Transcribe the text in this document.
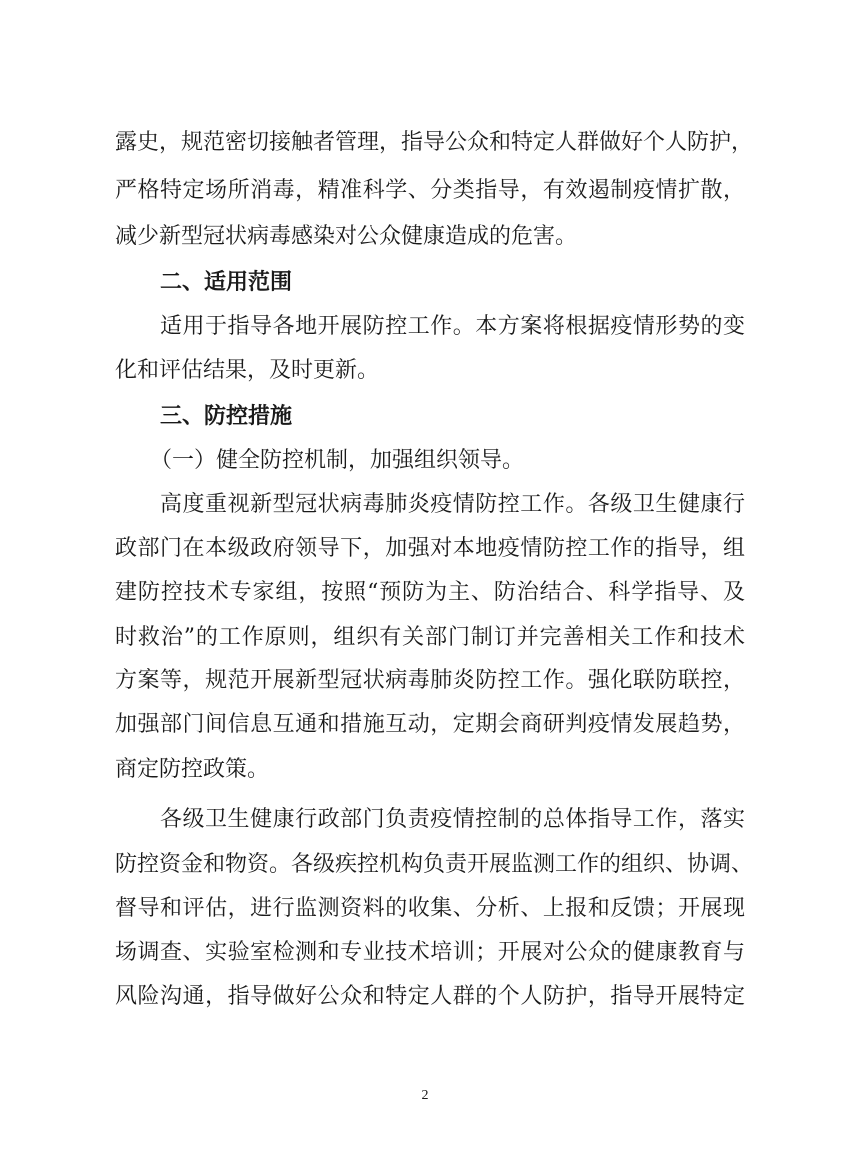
露史，规范密切接触者管理，指导公众和特定人群做好个人防护，
严格特定场所消毒，精准科学、分类指导，有效遏制疫情扩散，
减少新型冠状病毒感染对公众健康造成的危害。
二、适用范围
适用于指导各地开展防控工作。本方案将根据疫情形势的变
化和评估结果，及时更新。
三、防控措施
（一）健全防控机制，加强组织领导。
高度重视新型冠状病毒肺炎疫情防控工作。各级卫生健康行
政部门在本级政府领导下，加强对本地疫情防控工作的指导，组
建防控技术专家组，按照“预防为主、防治结合、科学指导、及
时救治”的工作原则，组织有关部门制订并完善相关工作和技术
方案等，规范开展新型冠状病毒肺炎防控工作。强化联防联控，
加强部门间信息互通和措施互动，定期会商研判疫情发展趋势，
商定防控政策。
各级卫生健康行政部门负责疫情控制的总体指导工作，落实
防控资金和物资。各级疾控机构负责开展监测工作的组织、协调、
督导和评估，进行监测资料的收集、分析、上报和反馈；开展现
场调查、实验室检测和专业技术培训；开展对公众的健康教育与
风险沟通，指导做好公众和特定人群的个人防护，指导开展特定
2
